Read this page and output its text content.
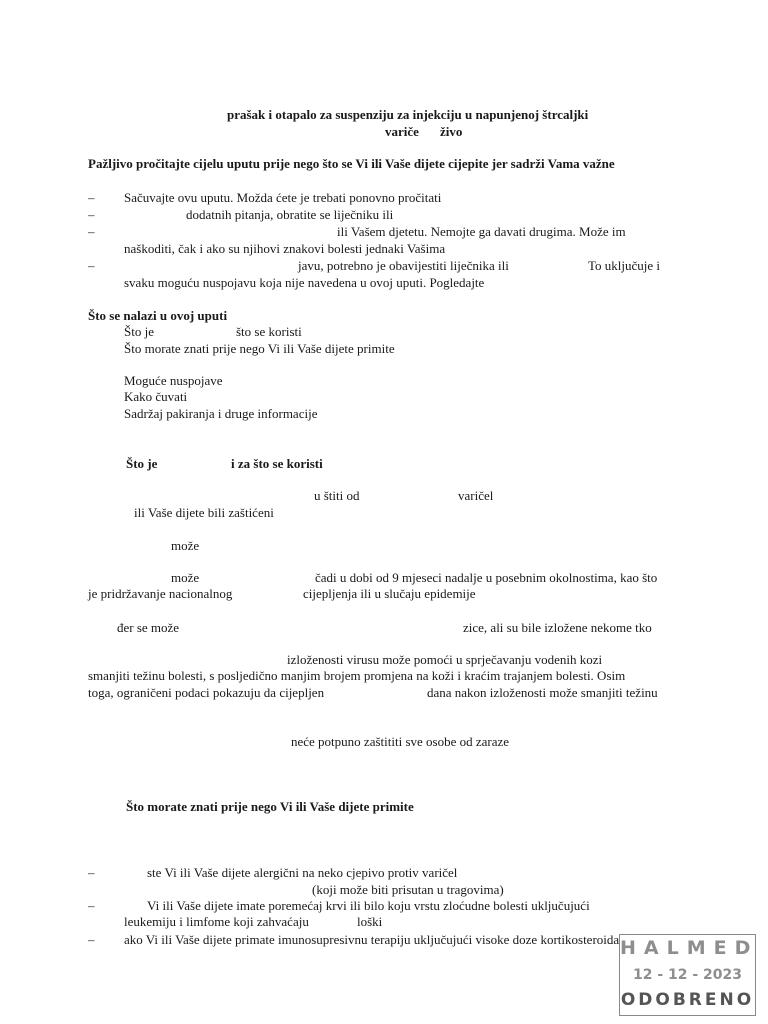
prašak i otapalo za suspenziju za injekciju u napunjenoj štrcaljki
variče živo
Pažljivo pročitajte cijelu uputu prije nego što se Vi ili Vaše dijete cijepite jer sadrži Vama važne
– Sačuvajte ovu uputu. Možda ćete je trebati ponovno pročitati
–	dodatnih pitanja, obratite se liječniku ili
–	ili Vašem djetetu. Nemojte ga davati drugima. Može im
naškoditi, čak i ako su njihovi znakovi bolesti jednaki Vašima
–	javu, potrebno je obavijestiti liječnika ili	To uključuje i
svaku moguću nuspojavu koja nije navedena u ovoj uputi. Pogledajte
Što se nalazi u ovoj uputi
Što je	što se koristi
Što morate znati prije nego Vi ili Vaše dijete primite
Moguće nuspojave
Kako čuvati
Sadržaj pakiranja i druge informacije
Što je	i za što se koristi
u štiti od	varičel
ili Vaše dijete bili zaštićeni
može
može	čadi u dobi od 9 mjeseci nadalje u posebnim okolnostima, kao što
je pridržavanje nacionalnog	cijepljenja ili u slučaju epidemije
đer se može	zice, ali su bile izložene nekome tko
izloženosti virusu može pomoći u sprječavanju vodenih kozi
smanjiti težinu bolesti, s posljedično manjim brojem promjena na koži i kraćim trajanjem bolesti. Osim
toga, ograničeni podaci pokazuju da cijepljen	dana nakon izloženosti može smanjiti težinu
neće potpuno zaštititi sve osobe od zaraze
Što morate znati prije nego Vi ili Vaše dijete primite
–	ste Vi ili Vaše dijete alergični na neko cjepivo protiv varičel
(koji može biti prisutan u tragovima)
–	Vi ili Vaše dijete imate poremećaj krvi ili bilo koju vrstu zloćudne bolesti uključujući
leukemiju i limfome koji zahvaćaju	loški
– ako Vi ili Vaše dijete primate imunosupresivnu terapiju uključujući visoke doze kortikosteroida HALMED
12 - 12 - 2023
ODOBRENO
